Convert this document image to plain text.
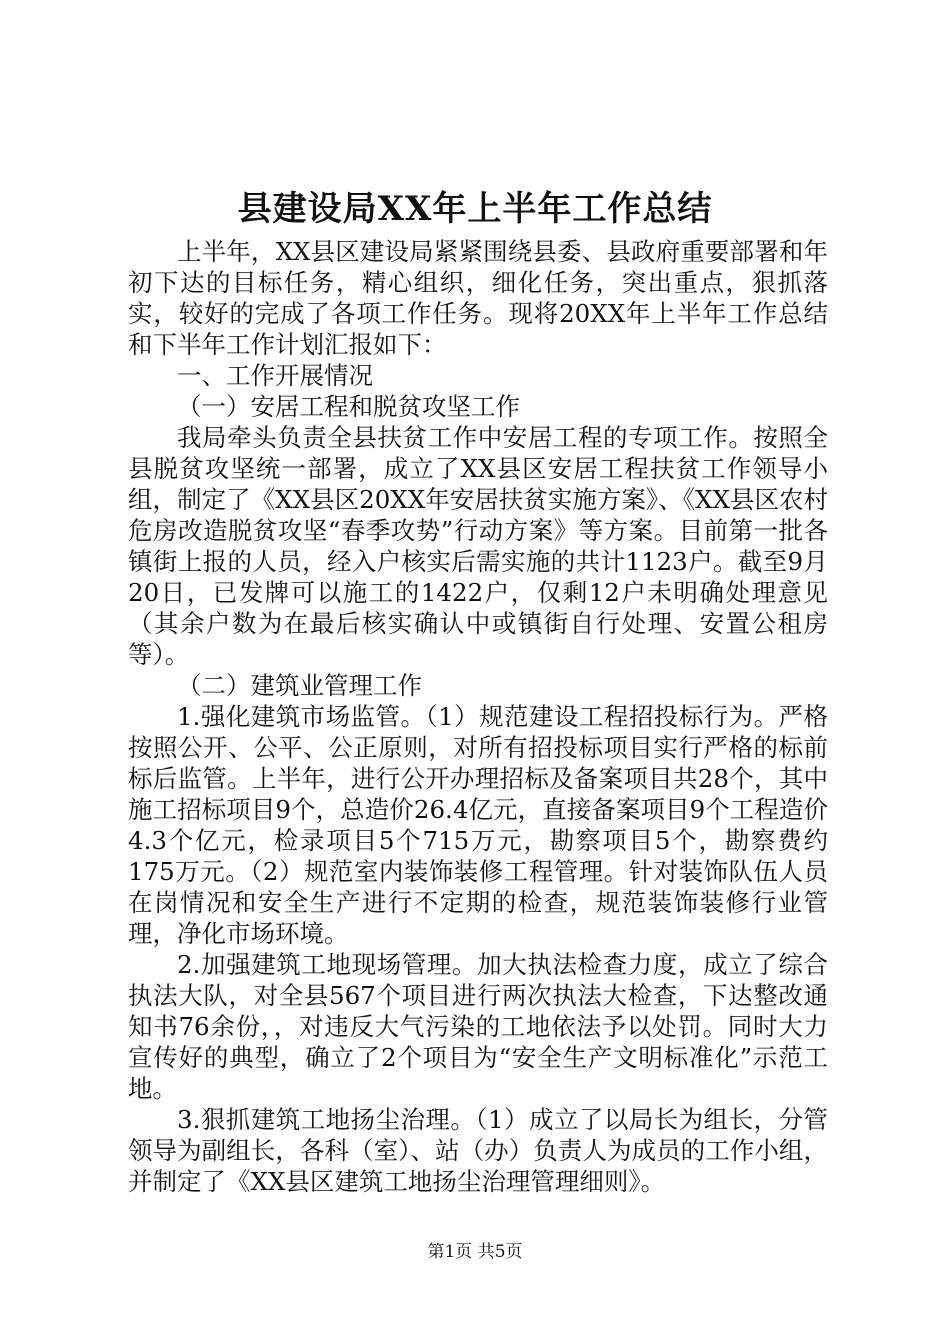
县建设局XX年上半年工作总结

上半年，XX县区建设局紧紧围绕县委、县政府重要部署和年初下达的目标任务，精心组织，细化任务，突出重点，狠抓落实，较好的完成了各项工作任务。现将20XX年上半年工作总结和下半年工作计划汇报如下：

一、工作开展情况

（一）安居工程和脱贫攻坚工作

我局牵头负责全县扶贫工作中安居工程的专项工作。按照全县脱贫攻坚统一部署，成立了XX县区安居工程扶贫工作领导小组，制定了《XX县区20XX年安居扶贫实施方案》、《XX县区农村危房改造脱贫攻坚“春季攻势”行动方案》等方案。目前第一批各镇街上报的人员，经入户核实后需实施的共计1123户。截至9月20日，已发牌可以施工的1422户，仅剩12户未明确处理意见（其余户数为在最后核实确认中或镇街自行处理、安置公租房等）。

（二）建筑业管理工作

1.强化建筑市场监管。（1）规范建设工程招投标行为。严格按照公开、公平、公正原则，对所有招投标项目实行严格的标前标后监管。上半年，进行公开办理招标及备案项目共28个，其中施工招标项目9个，总造价26.4亿元，直接备案项目9个工程造价4.3个亿元，检录项目5个715万元，勘察项目5个，勘察费约175万元。（2）规范室内装饰装修工程管理。针对装饰队伍人员在岗情况和安全生产进行不定期的检查，规范装饰装修行业管理，净化市场环境。

2.加强建筑工地现场管理。加大执法检查力度，成立了综合执法大队，对全县567个项目进行两次执法大检查，下达整改通知书76余份，，对违反大气污染的工地依法予以处罚。同时大力宣传好的典型，确立了2个项目为“安全生产文明标准化”示范工地。

3.狠抓建筑工地扬尘治理。（1）成立了以局长为组长，分管领导为副组长，各科（室）、站（办）负责人为成员的工作小组，并制定了《XX县区建筑工地扬尘治理管理细则》。

第1页 共5页
